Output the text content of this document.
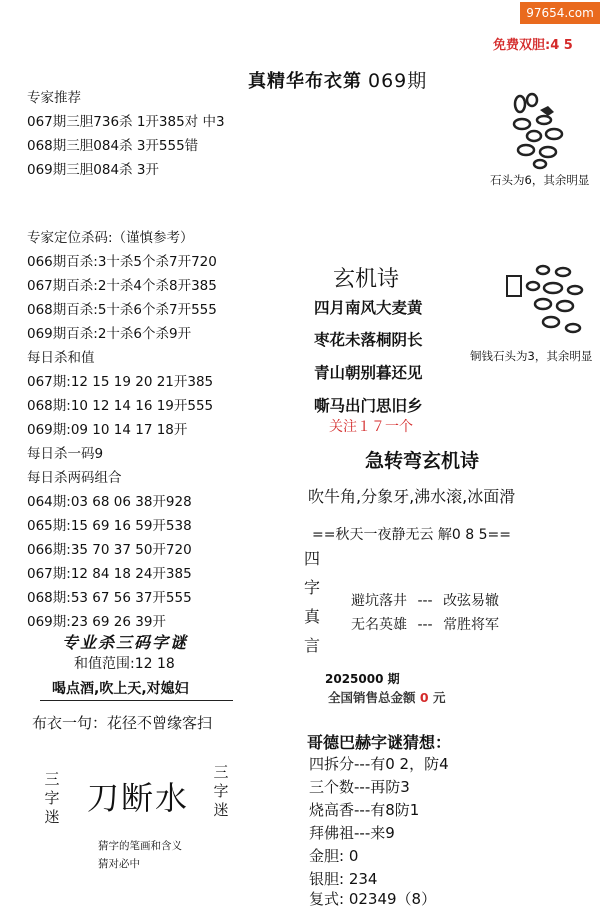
97654.com
免费双胆:4 5
真精华布衣第 069期
专家推荐
067期三胆736杀 1开385对 中3
068期三胆084杀 3开555错
069期三胆084杀 3开
专家定位杀码:（谨慎参考）
066期百杀:3十杀5个杀7开720
067期百杀:2十杀4个杀8开385
068期百杀:5十杀6个杀7开555
069期百杀:2十杀6个杀9开
每日杀和值
067期:12 15 19 20 21开385
068期:10 12 14 16 19开555
069期:09 10 14 17 18开
每日杀一码9
每日杀两码组合
064期:03 68 06 38开928
065期:15 69 16 59开538
066期:35 70 37 50开720
067期:12 84 18 24开385
068期:53 67 56 37开555
069期:23 69 26 39开
专业杀三码字谜
和值范围:12 18
喝点酒,吹上天,对媳妇
布衣一句：花径不曾缘客扫
三字迷
三字迷
刀断水
猜字的笔画和含义
猜对必中
石头为6，其余明显
铜钱石头为3，其余明显
玄机诗
四月南风大麦黄
枣花未落桐阴长
青山朝别暮还见
嘶马出门思旧乡
关注１７一个
急转弯玄机诗
吹牛角,分象牙,沸水滚,冰面滑
==秋天一夜静无云 解0 8 5==
四
字
真
言
避坑落井 --- 改弦易辙
无名英雄 --- 常胜将军
2025000 期
全国销售总金额 0 元
哥德巴赫字谜猜想：
四拆分---有0 2，防4
三个数---再防3
烧高香---有8防1
拜佛祖---来9
金胆: 0
银胆: 234
复式: 02349（8）
